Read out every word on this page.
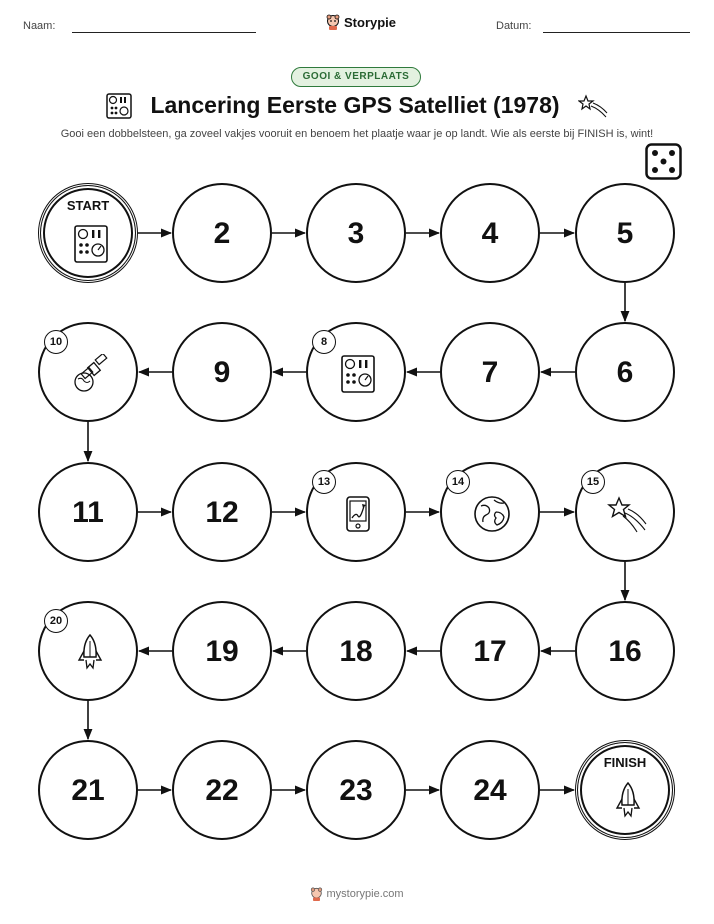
Naam:	Datum:
Storypie
GOOI & VERPLAATS
Lancering Eerste GPS Satelliet (1978)
Gooi een dobbelsteen, ga zoveel vakjes vooruit en benoem het plaatje waar je op landt. Wie als eerste bij FINISH is, wint!
START
2	3	4	5
6
7
8
9
10
11	12
13	14	15
16
17
18
19
20
21	22	23	24
FINISH
mystorypie.com
